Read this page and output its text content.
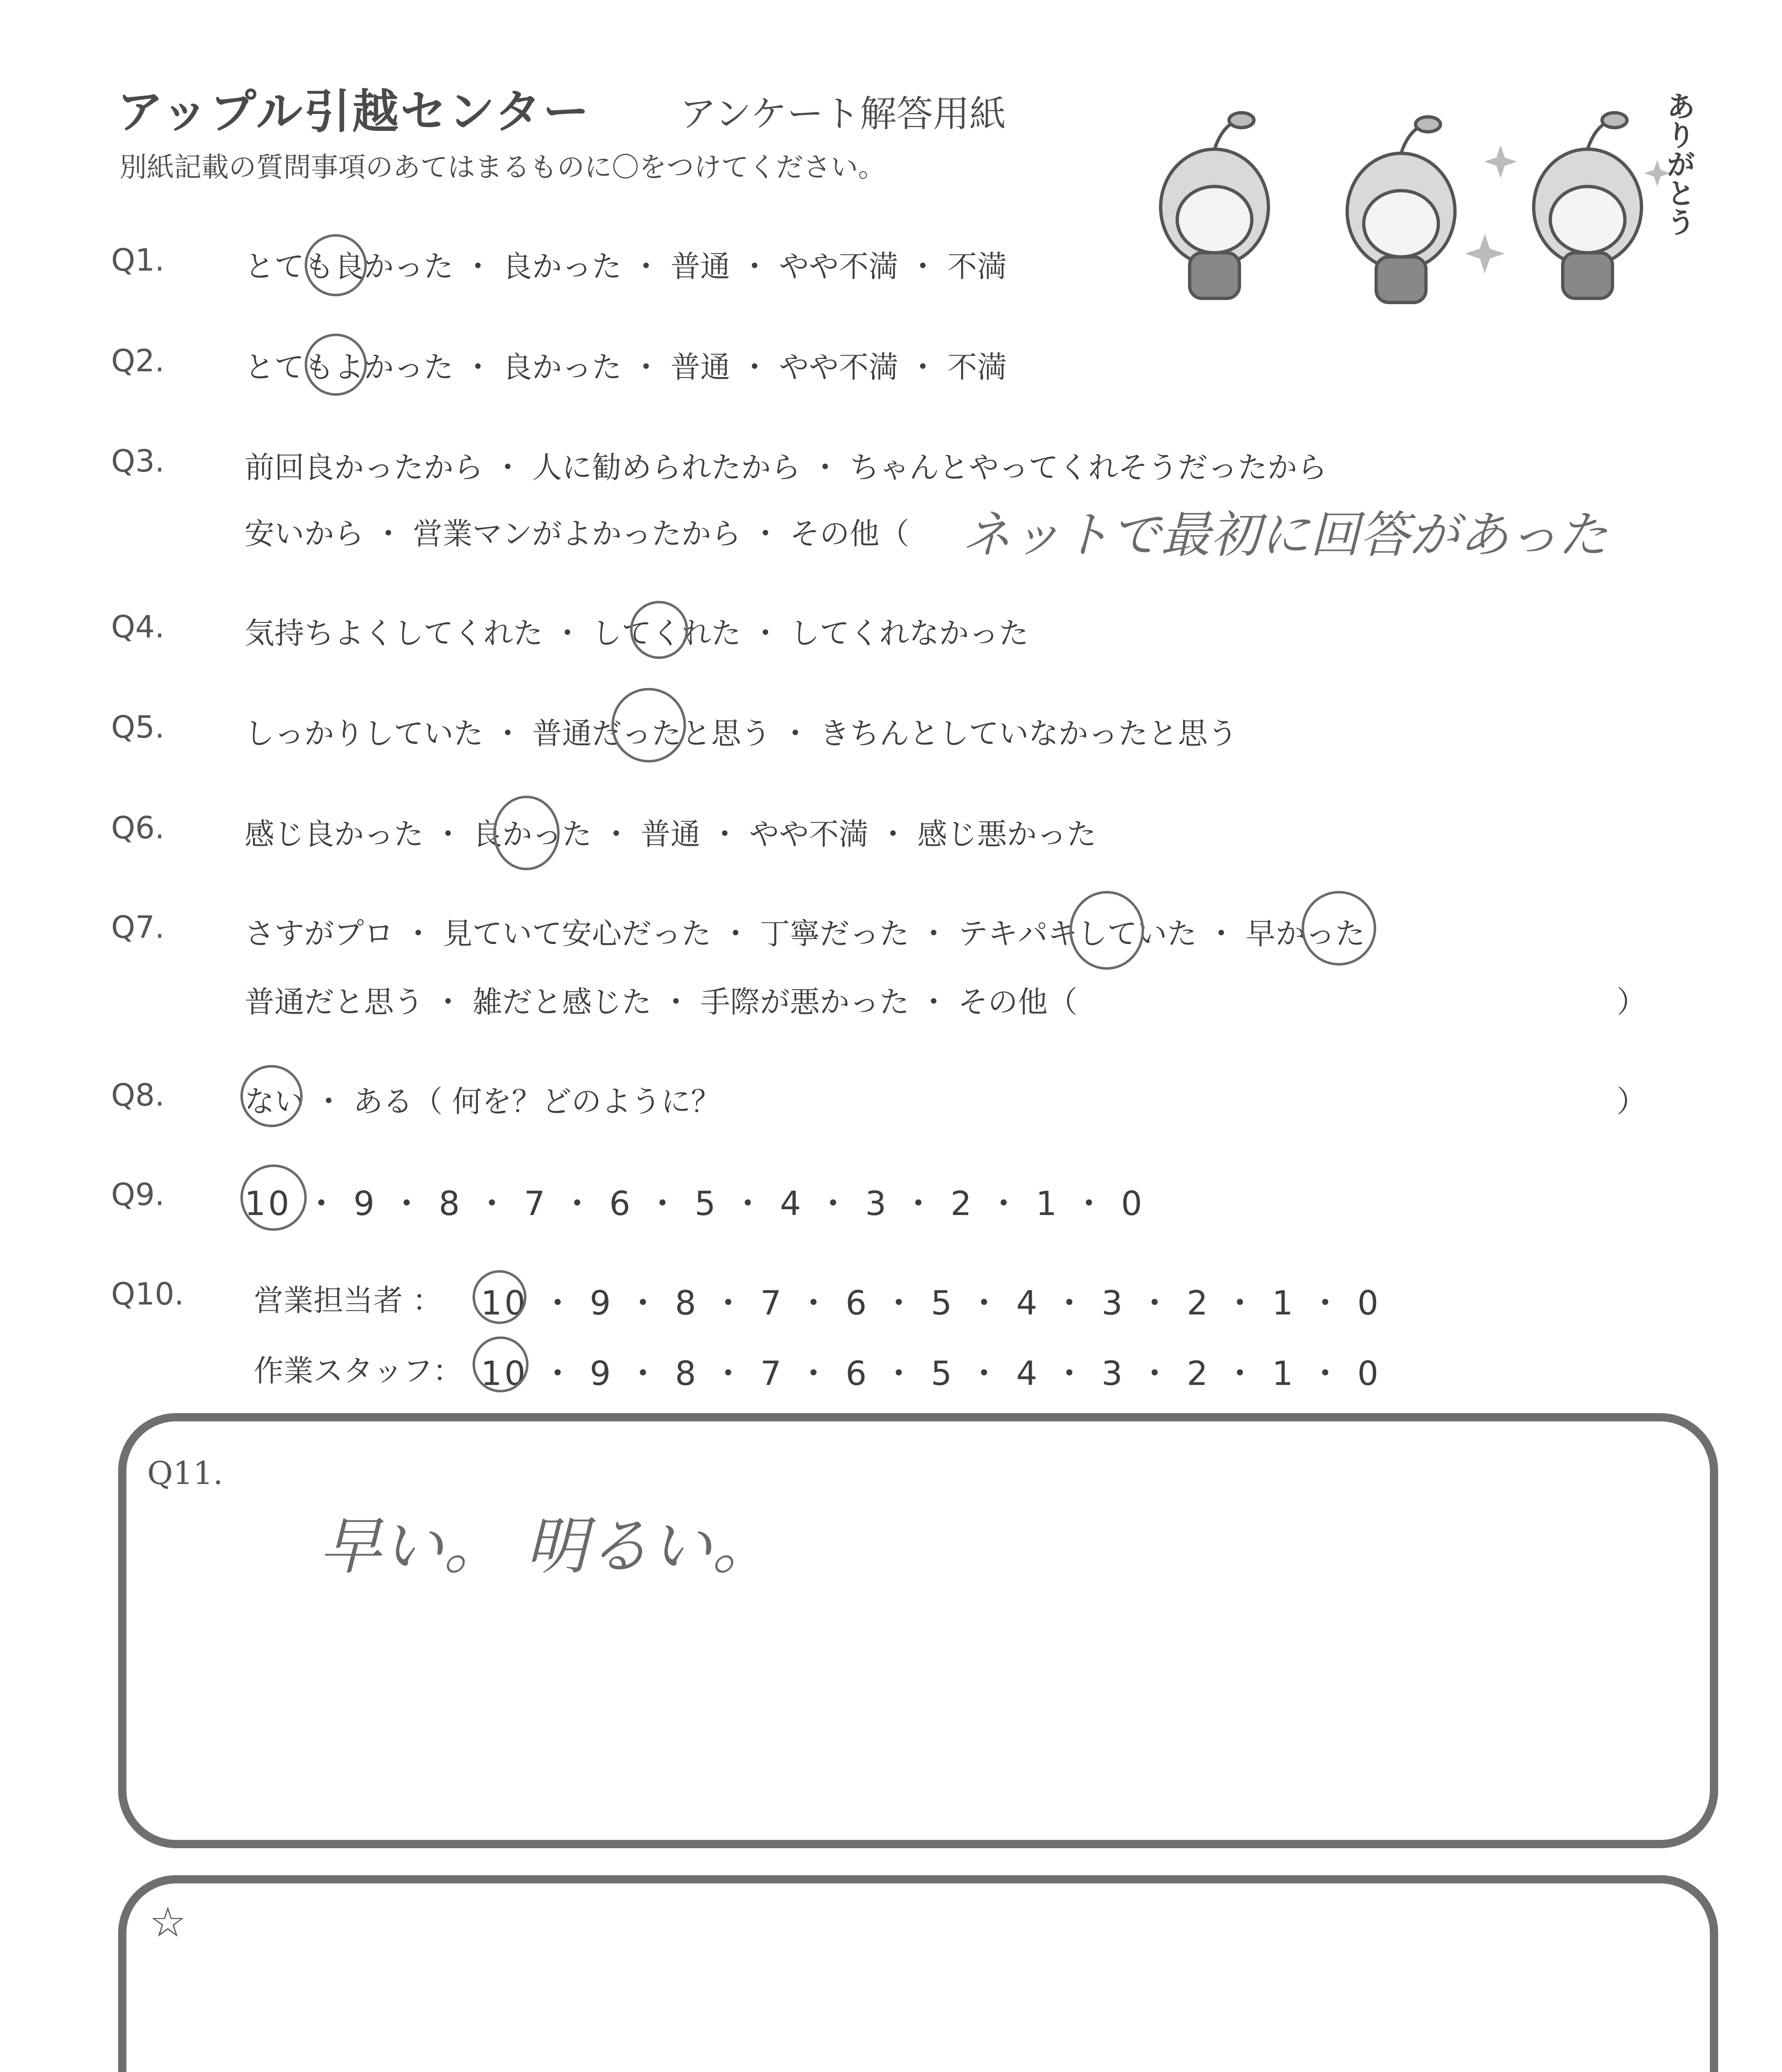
アップル引越センター アンケート解答用紙
別紙記載の質問事項のあてはまるものに〇をつけてください。	ありがとう
Q1.	とても良かった ・ 良かった ・ 普通 ・ やや不満 ・ 不満
Q2.	とてもよかった ・ 良かった ・ 普通 ・ やや不満 ・ 不満
Q3.	前回良かったから ・ 人に勧められたから ・ ちゃんとやってくれそうだったから
安いから ・ 営業マンがよかったから ・ その他（ ネットで最初に回答があった
Q4.	気持ちよくしてくれた ・ してくれた ・ してくれなかった
Q5.	しっかりしていた ・ 普通だったと思う ・ きちんとしていなかったと思う
Q6.	感じ良かった ・ 良かった ・ 普通 ・ やや不満 ・ 感じ悪かった
Q7.	さすがプロ ・ 見ていて安心だった ・ 丁寧だった ・ テキパキしていた ・ 早かった
普通だと思う ・ 雑だと感じた ・ 手際が悪かった ・ その他（	）
Q8.	ない ・ ある（ 何を？どのように？	）
Q9. 10 ・ 9 ・ 8 ・ 7 ・ 6 ・ 5 ・ 4 ・ 3 ・ 2 ・ 1 ・ 0
Q10. 営業担当者 ： 10 ・ 9 ・ 8 ・ 7 ・ 6 ・ 5 ・ 4 ・ 3 ・ 2 ・ 1 ・ 0
作業スタッフ： 10 ・ 9 ・ 8 ・ 7 ・ 6 ・ 5 ・ 4 ・ 3 ・ 2 ・ 1 ・ 0
Q11.
早い。 明るい。
☆
